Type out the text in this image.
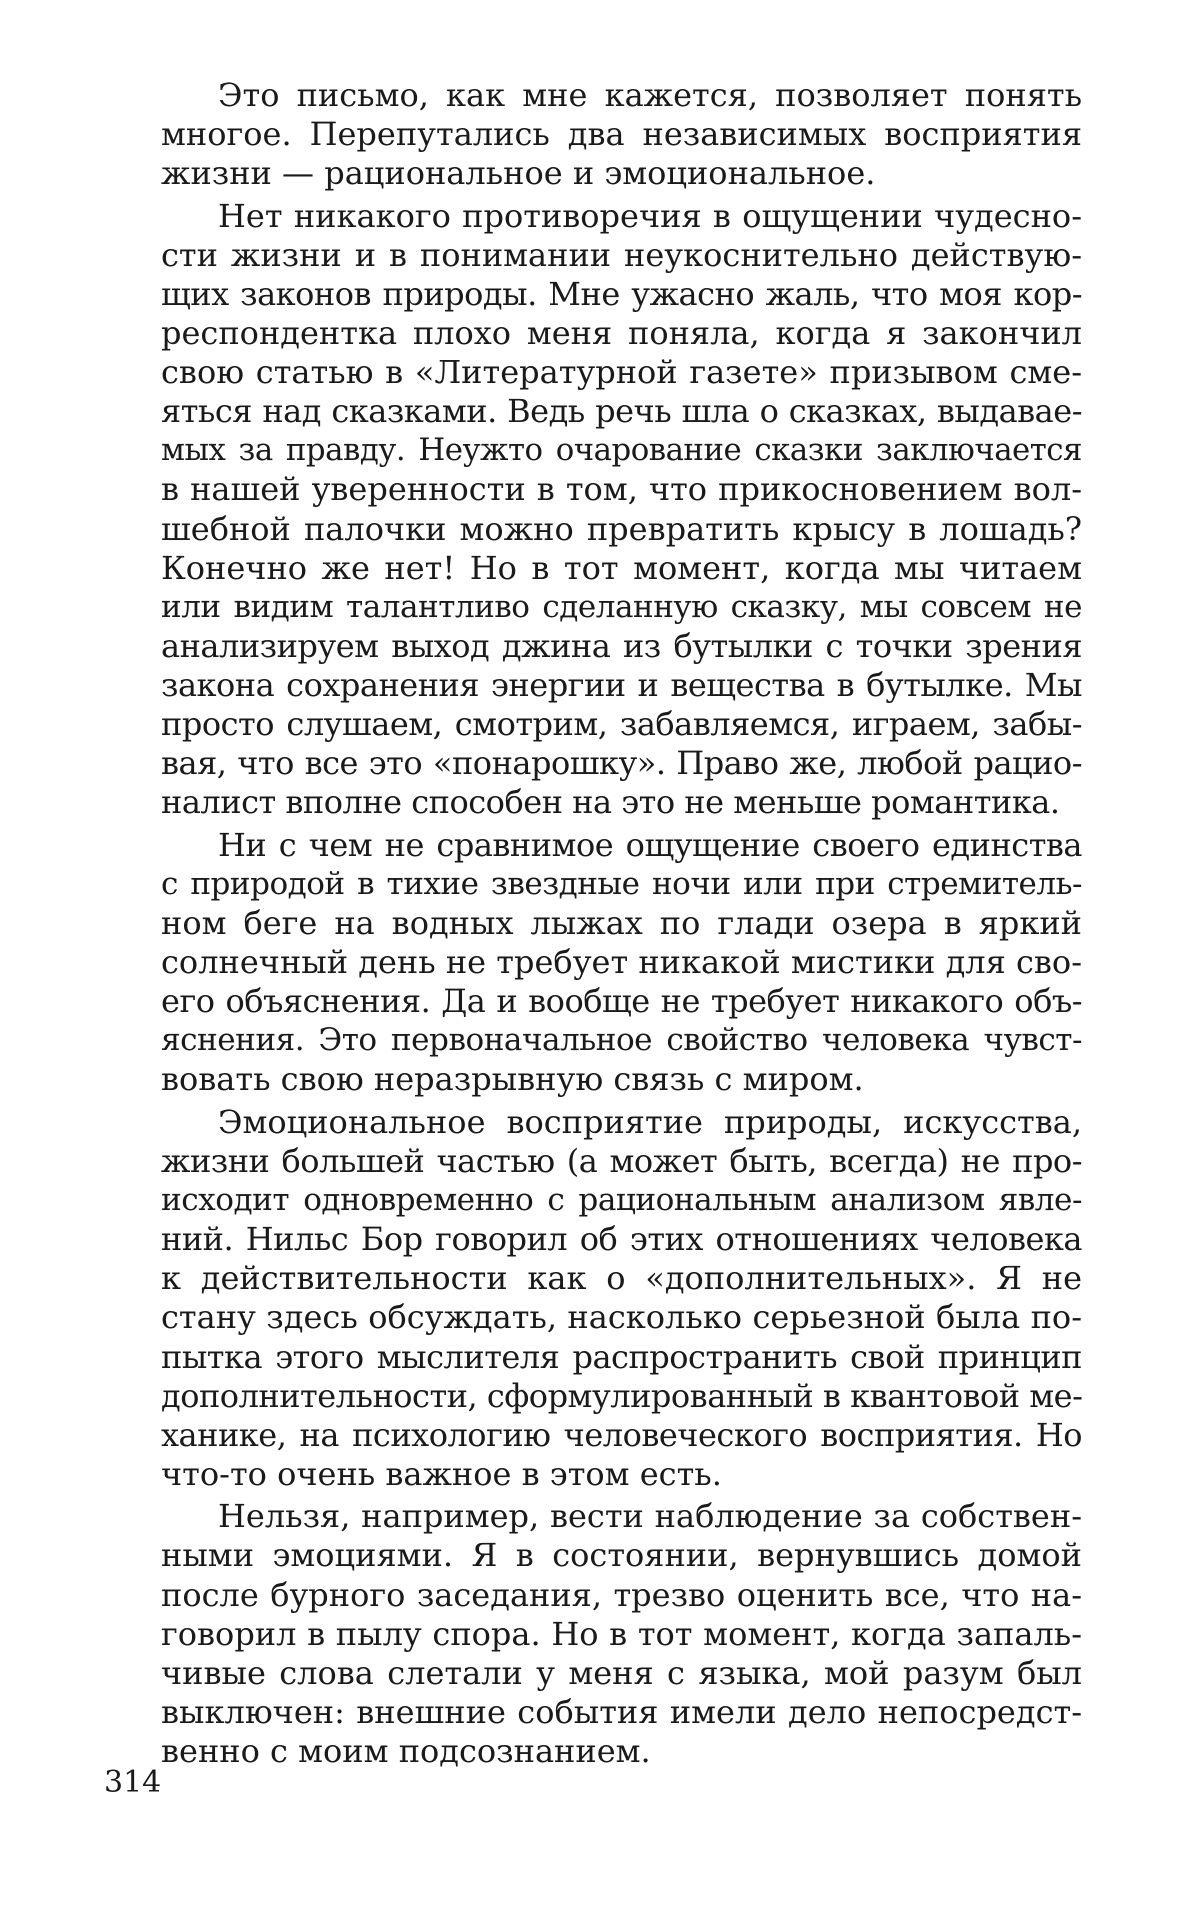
Это письмо, как мне кажется, позволяет понять
многое. Перепутались два независимых восприятия
жизни — рациональное и эмоциональное.
Нет никакого противоречия в ощущении чудесно-
сти жизни и в понимании неукоснительно действую-
щих законов природы. Мне ужасно жаль, что моя кор-
респондентка плохо меня поняла, когда я закончил
свою статью в «Литературной газете» призывом сме-
яться над сказками. Ведь речь шла о сказках, выдавае-
мых за правду. Неужто очарование сказки заключается
в нашей уверенности в том, что прикосновением вол-
шебной палочки можно превратить крысу в лошадь?
Конечно же нет! Но в тот момент, когда мы читаем
или видим талантливо сделанную сказку, мы совсем не
анализируем выход джина из бутылки с точки зрения
закона сохранения энергии и вещества в бутылке. Мы
просто слушаем, смотрим, забавляемся, играем, забы-
вая, что все это «понарошку». Право же, любой рацио-
налист вполне способен на это не меньше романтика.
Ни с чем не сравнимое ощущение своего единства
с природой в тихие звездные ночи или при стремитель-
ном беге на водных лыжах по глади озера в яркий
солнечный день не требует никакой мистики для сво-
его объяснения. Да и вообще не требует никакого объ-
яснения. Это первоначальное свойство человека чувст-
вовать свою неразрывную связь с миром.
Эмоциональное восприятие природы, искусства,
жизни большей частью (а может быть, всегда) не про-
исходит одновременно с рациональным анализом явле-
ний. Нильс Бор говорил об этих отношениях человека
к действительности как о «дополнительных». Я не
стану здесь обсуждать, насколько серьезной была по-
пытка этого мыслителя распространить свой принцип
дополнительности, сформулированный в квантовой ме-
ханике, на психологию человеческого восприятия. Но
что-то очень важное в этом есть.
Нельзя, например, вести наблюдение за собствен-
ными эмоциями. Я в состоянии, вернувшись домой
после бурного заседания, трезво оценить все, что на-
говорил в пылу спора. Но в тот момент, когда запаль-
чивые слова слетали у меня с языка, мой разум был
выключен: внешние события имели дело непосредст-
венно с моим подсознанием.
314
